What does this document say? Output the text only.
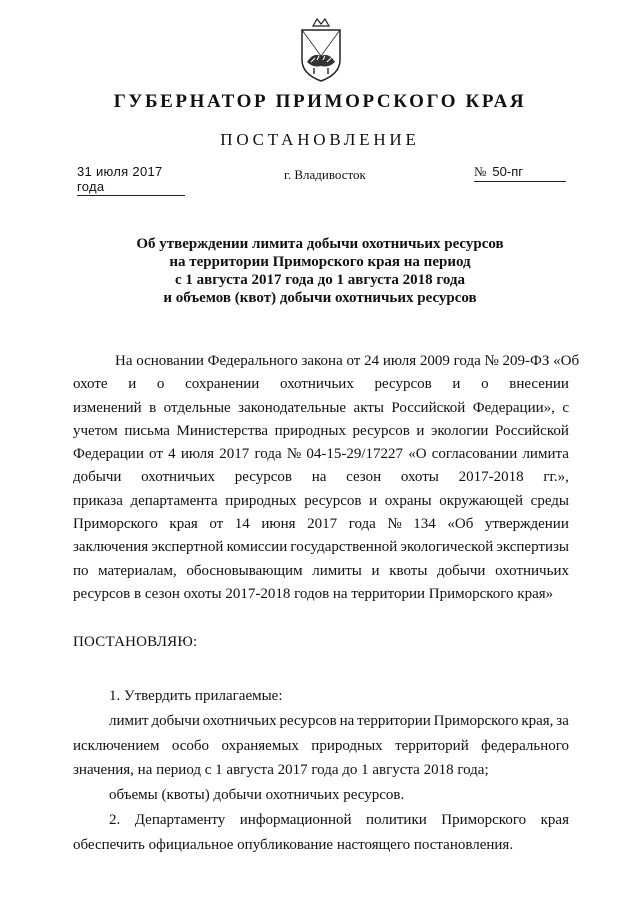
ГУБЕРНАТОР ПРИМОРСКОГО КРАЯ
ПОСТАНОВЛЕНИЕ
31 июля 2017 года
г. Владивосток	№ 50-пг
Об утверждении лимита добычи охотничьих ресурсов
на территории Приморского края на период
с 1 августа 2017 года до 1 августа 2018 года
и объемов (квот) добычи охотничьих ресурсов
На основании Федерального закона от 24 июля 2009 года № 209-ФЗ «Об
охоте и о сохранении охотничьих ресурсов и о внесении
изменений в отдельные законодательные акты Российской Федерации», с
учетом письма Министерства природных ресурсов и экологии Российской
Федерации от 4 июля 2017 года № 04-15-29/17227 «О согласовании лимита
добычи охотничьих ресурсов на сезон охоты 2017-2018 гг.»,
приказа департамента природных ресурсов и охраны окружающей среды
Приморского края от 14 июня 2017 года № 134 «Об утверждении
заключения экспертной комиссии государственной экологической экспертизы
по материалам, обосновывающим лимиты и квоты добычи охотничьих
ресурсов в сезон охоты 2017-2018 годов на территории Приморского края»
ПОСТАНОВЛЯЮ:
1. Утвердить прилагаемые:
лимит добычи охотничьих ресурсов на территории Приморского края, за
исключением особо охраняемых природных территорий федерального
значения, на период с 1 августа 2017 года до 1 августа 2018 года;
объемы (квоты) добычи охотничьих ресурсов.
2. Департаменту информационной политики Приморского края
обеспечить официальное опубликование настоящего постановления.
